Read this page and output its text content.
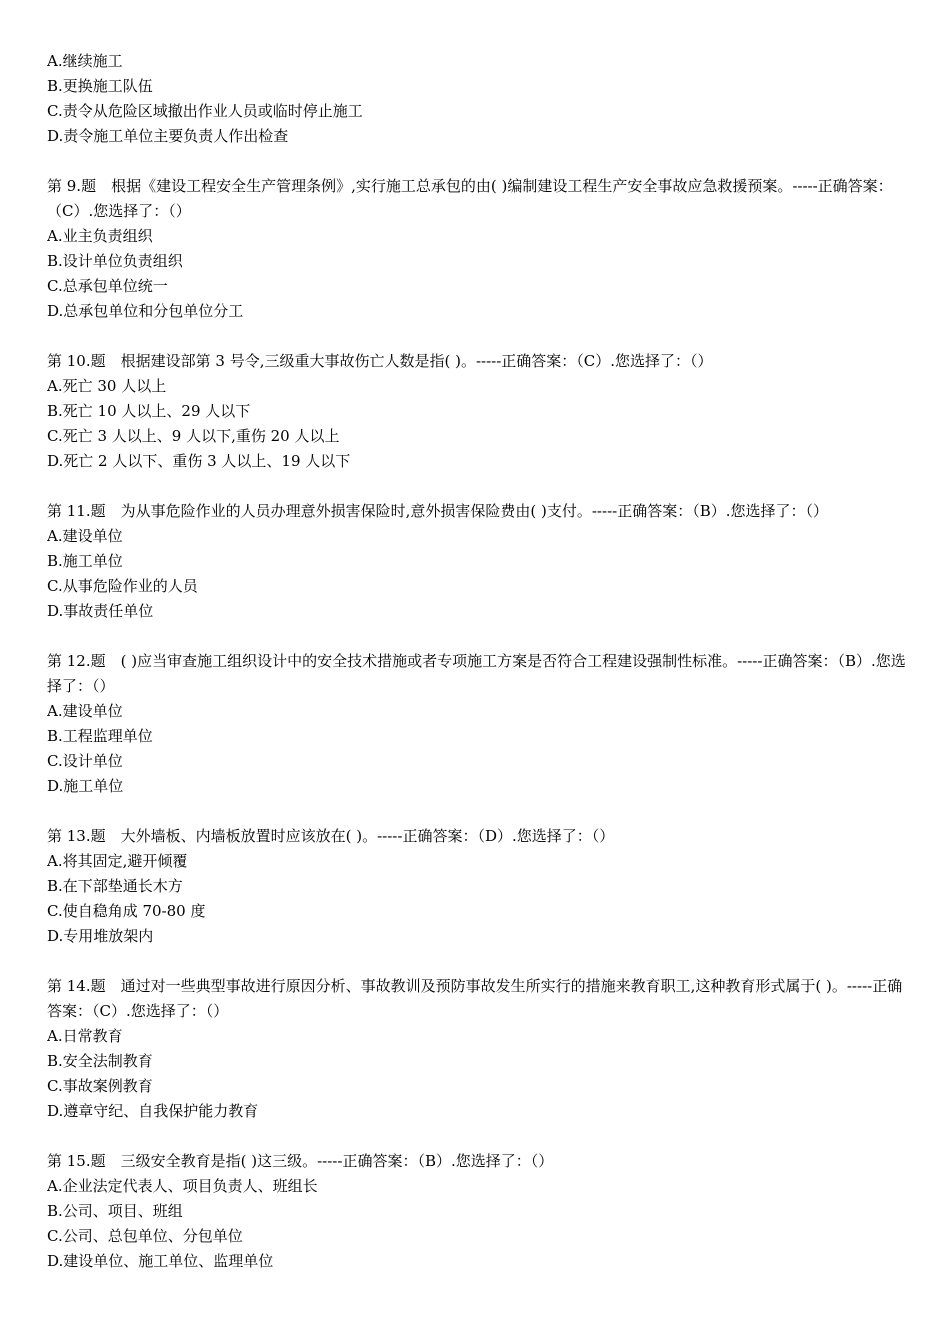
A.继续施工
B.更换施工队伍
C.责令从危险区域撤出作业人员或临时停止施工
D.责令施工单位主要负责人作出检查
第 9.题　根据《建设工程安全生产管理条例》,实行施工总承包的由( )编制建设工程生产安全事故应急救援预案。-----正确答案：（C）.您选择了：（）
A.业主负责组织
B.设计单位负责组织
C.总承包单位统一
D.总承包单位和分包单位分工
第 10.题　根据建设部第 3 号令,三级重大事故伤亡人数是指( )。-----正确答案：（C）.您选择了：（）
A.死亡 30 人以上
B.死亡 10 人以上、29 人以下
C.死亡 3 人以上、9 人以下,重伤 20 人以上
D.死亡 2 人以下、重伤 3 人以上、19 人以下
第 11.题　为从事危险作业的人员办理意外损害保险时,意外损害保险费由( )支付。-----正确答案：（B）.您选择了：（）
A.建设单位
B.施工单位
C.从事危险作业的人员
D.事故责任单位
第 12.题　( )应当审查施工组织设计中的安全技术措施或者专项施工方案是否符合工程建设强制性标准。-----正确答案：（B）.您选择了：（）
A.建设单位
B.工程监理单位
C.设计单位
D.施工单位
第 13.题　大外墙板、内墙板放置时应该放在( )。-----正确答案：（D）.您选择了：（）
A.将其固定,避开倾覆
B.在下部垫通长木方
C.使自稳角成 70-80 度
D.专用堆放架内
第 14.题　通过对一些典型事故进行原因分析、事故教训及预防事故发生所实行的措施来教育职工,这种教育形式属于( )。-----正确答案：（C）.您选择了：（）
A.日常教育
B.安全法制教育
C.事故案例教育
D.遵章守纪、自我保护能力教育
第 15.题　三级安全教育是指( )这三级。-----正确答案：（B）.您选择了：（）
A.企业法定代表人、项目负责人、班组长
B.公司、项目、班组
C.公司、总包单位、分包单位
D.建设单位、施工单位、监理单位
